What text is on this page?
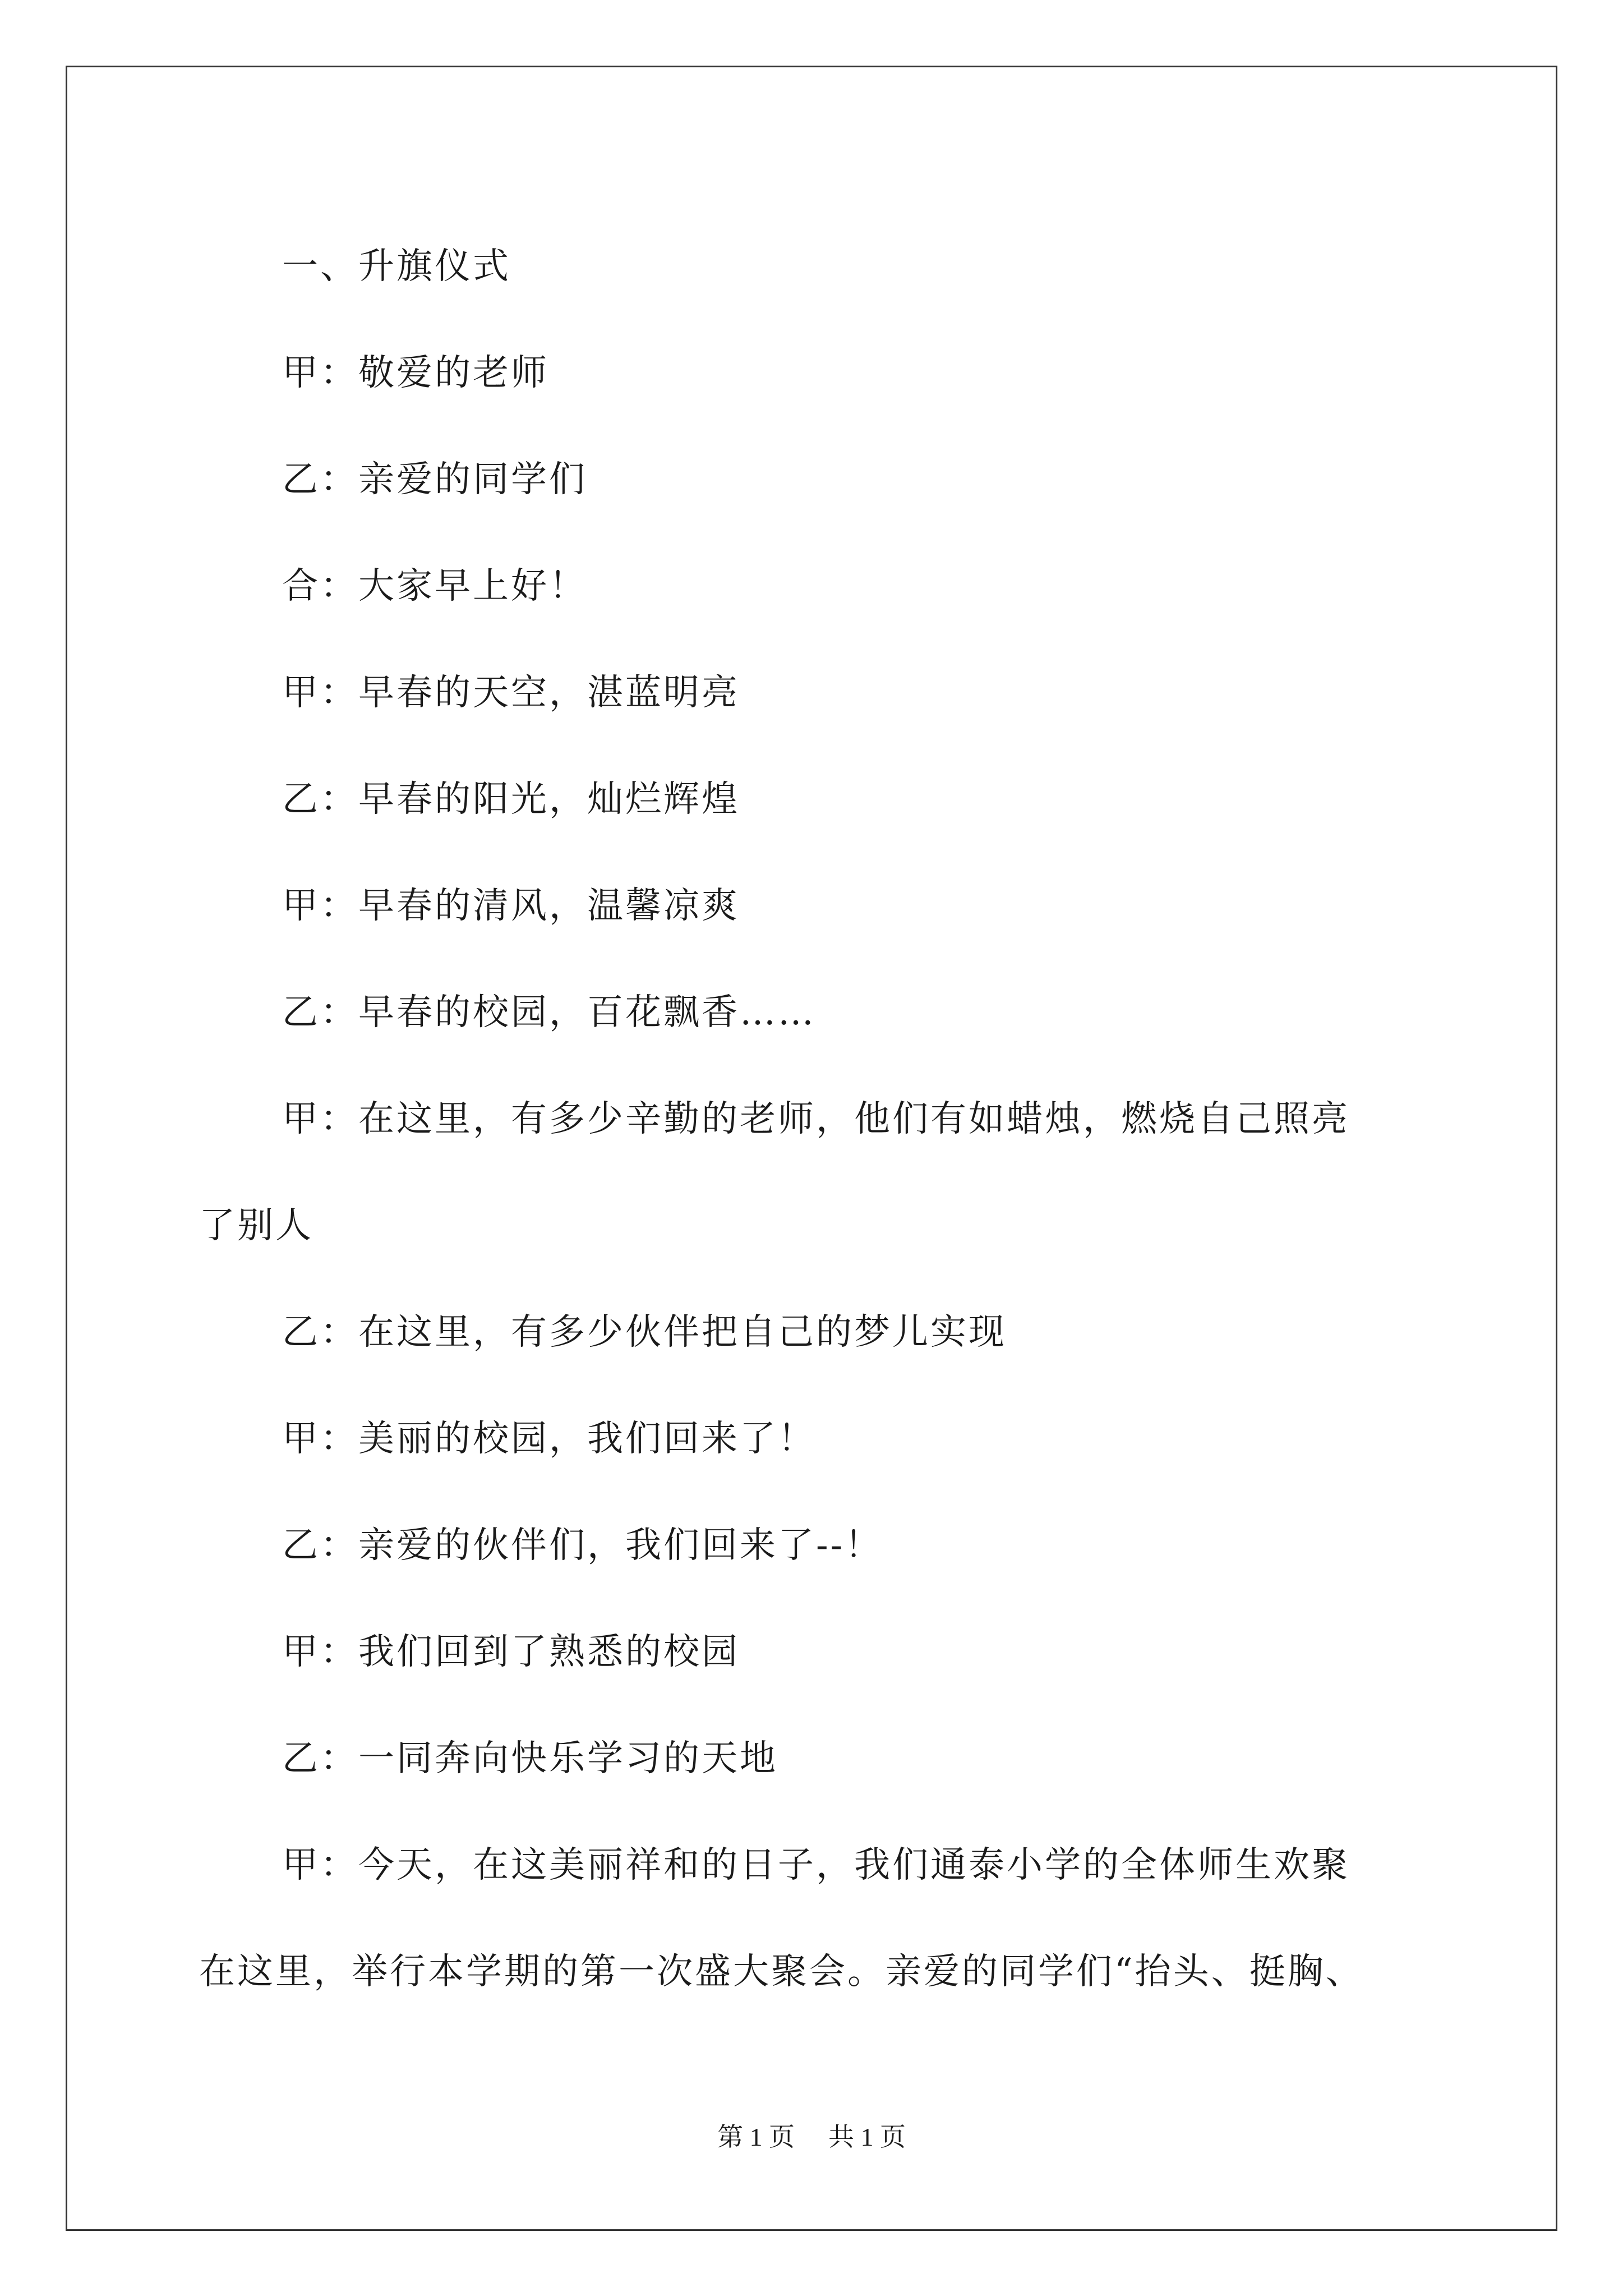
一、升旗仪式
甲：敬爱的老师
乙：亲爱的同学们
合：大家早上好！
甲：早春的天空，湛蓝明亮
乙：早春的阳光，灿烂辉煌
甲：早春的清风，温馨凉爽
乙：早春的校园，百花飘香……
甲：在这里，有多少辛勤的老师，他们有如蜡烛，燃烧自己照亮
了别人
乙：在这里，有多少伙伴把自己的梦儿实现
甲：美丽的校园，我们回来了！
乙：亲爱的伙伴们，我们回来了--！
甲：我们回到了熟悉的校园
乙：一同奔向快乐学习的天地
甲：今天，在这美丽祥和的日子，我们通泰小学的全体师生欢聚
在这里，举行本学期的第一次盛大聚会。亲爱的同学们“抬头、挺胸、
第 1 页 共 1 页
